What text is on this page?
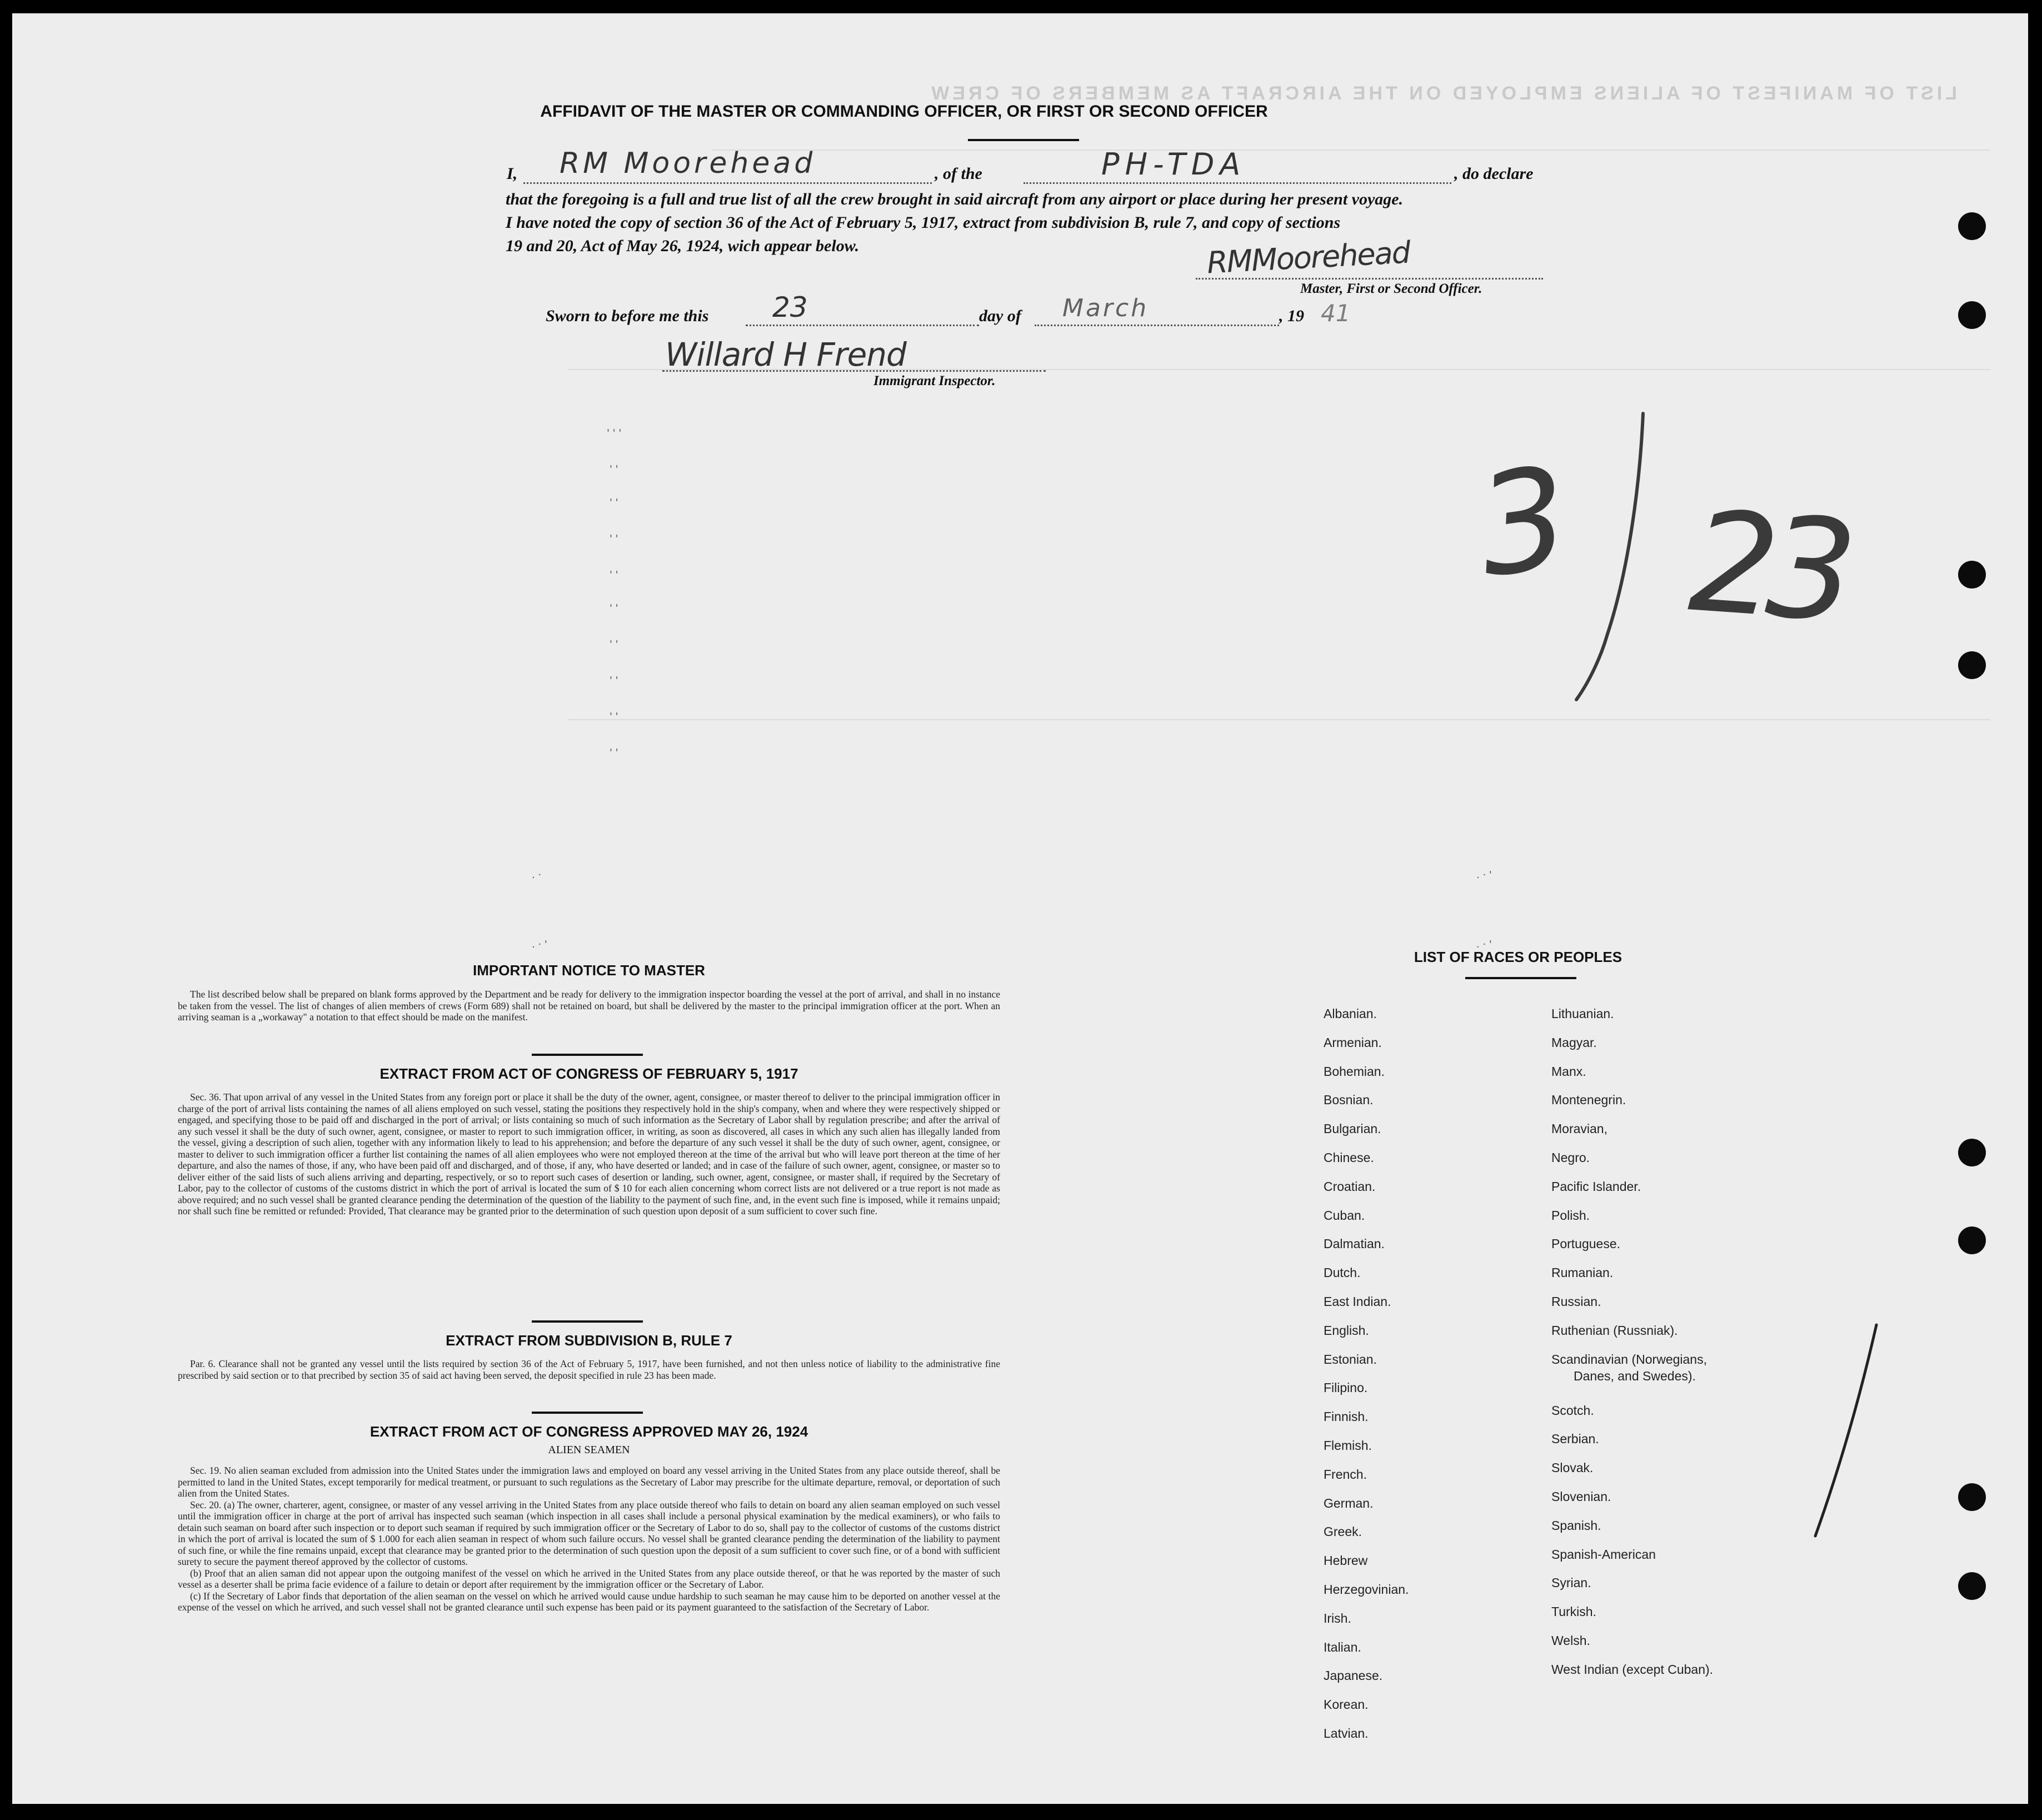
LIST OF MANIFEST OF ALIENS EMPLOYED ON THE AIRCRAFT AS MEMBERS OF CREW
AFFIDAVIT OF THE MASTER OR COMMANDING OFFICER, OR FIRST OR SECOND OFFICER
I, RM Moorehead	, of the	PH-TDA	, do declare
that the foregoing is a full and true list of all the crew brought in said aircraft from any airport or place during her present voyage.
I have noted the copy of section 36 of the Act of February 5, 1917, extract from subdivision B, rule 7, and copy of sections
19 and 20, Act of May 26, 1924, wich appear below.	RMMoorehead
Master, First or Second Officer.
Sworn to before me this 23	day of March	, 19 41
Willard H Frend
Immigrant Inspector.
' ' '
' '
' '
' '
' '
' '
' '
' '
' '
' '
. ·
. · '
. · '
. · '
3 23
IMPORTANT NOTICE TO MASTER

The list described below shall be prepared on blank forms approved by the Department and be ready for delivery to the immigration inspector boarding the vessel at the port of arrival, and shall in no instance be taken from the vessel. The list of changes of alien members of crews (Form 689) shall not be retained on board, but shall be delivered by the master to the principal immigration officer at the port. When an arriving seaman is a „workaway" a notation to that effect should be made on the manifest.

EXTRACT FROM ACT OF CONGRESS OF FEBRUARY 5, 1917

Sec. 36. That upon arrival of any vessel in the United States from any foreign port or place it shall be the duty of the owner, agent, consignee, or master thereof to deliver to the principal immigration officer in charge of the port of arrival lists containing the names of all aliens employed on such vessel, stating the positions they respectively hold in the ship's company, when and where they were respectively shipped or engaged, and specifying those to be paid off and discharged in the port of arrival; or lists containing so much of such information as the Secretary of Labor shall by regulation prescribe; and after the arrival of any such vessel it shall be the duty of such owner, agent, consignee, or master to report to such immigration officer, in writing, as soon as discovered, all cases in which any such alien has illegally landed from the vessel, giving a description of such alien, together with any information likely to lead to his apprehension; and before the departure of any such vessel it shall be the duty of such owner, agent, consignee, or master to deliver to such immigration officer a further list containing the names of all alien employees who were not employed thereon at the time of the arrival but who will leave port thereon at the time of her departure, and also the names of those, if any, who have been paid off and discharged, and of those, if any, who have deserted or landed; and in case of the failure of such owner, agent, consignee, or master so to deliver either of the said lists of such aliens arriving and departing, respectively, or so to report such cases of desertion or landing, such owner, agent, consignee, or master shall, if required by the Secretary of Labor, pay to the collector of customs of the customs district in which the port of arrival is located the sum of $ 10 for each alien concerning whom correct lists are not delivered or a true report is not made as above required; and no such vessel shall be granted clearance pending the determination of the question of the liability to the payment of such fine, and, in the event such fine is imposed, while it remains unpaid; nor shall such fine be remitted or refunded: Provided, That clearance may be granted prior to the determination of such question upon deposit of a sum sufficient to cover such fine.

EXTRACT FROM SUBDIVISION B, RULE 7

Par. 6. Clearance shall not be granted any vessel until the lists required by section 36 of the Act of February 5, 1917, have been furnished, and not then unless notice of liability to the administrative fine prescribed by said section or to that precribed by section 35 of said act having been served, the deposit specified in rule 23 has been made.

EXTRACT FROM ACT OF CONGRESS APPROVED MAY 26, 1924
ALIEN SEAMEN

Sec. 19. No alien seaman excluded from admission into the United States under the immigration laws and employed on board any vessel arriving in the United States from any place outside thereof, shall be permitted to land in the United States, except temporarily for medical treatment, or pursuant to such regulations as the Secretary of Labor may prescribe for the ultimate departure, removal, or deportation of such alien from the United States.

Sec. 20. (a) The owner, charterer, agent, consignee, or master of any vessel arriving in the United States from any place outside thereof who fails to detain on board any alien seaman employed on such vessel until the immigration officer in charge at the port of arrival has inspected such seaman (which inspection in all cases shall include a personal physical examination by the medical examiners), or who fails to detain such seaman on board after such inspection or to deport such seaman if required by such immigration officer or the Secretary of Labor to do so, shall pay to the collector of customs of the customs district in which the port of arrival is located the sum of $ 1.000 for each alien seaman in respect of whom such failure occurs. No vessel shall be granted clearance pending the determination of the liability to payment of such fine, or while the fine remains unpaid, except that clearance may be granted prior to the determination of such question upon the deposit of a sum sufficient to cover such fine, or of a bond with sufficient surety to secure the payment thereof approved by the collector of customs.

(b) Proof that an alien saman did not appear upon the outgoing manifest of the vessel on which he arrived in the United States from any place outside thereof, or that he was reported by the master of such vessel as a deserter shall be prima facie evidence of a failure to detain or deport after requirement by the immigration officer or the Secretary of Labor.

(c) If the Secretary of Labor finds that deportation of the alien seaman on the vessel on which he arrived would cause undue hardship to such seaman he may cause him to be deported on another vessel at the expense of the vessel on which he arrived, and such vessel shall not be granted clearance until such expense has been paid or its payment guaranteed to the satisfaction of the Secretary of Labor.

LIST OF RACES OR PEOPLES
Albanian.
Armenian.
Bohemian.
Bosnian.
Bulgarian.
Chinese.
Croatian.
Cuban.
Dalmatian.
Dutch.
East Indian.
English.
Estonian.
Filipino.
Finnish.
Flemish.
French.
German.
Greek.
Hebrew
Herzegovinian.
Irish.
Italian.
Japanese.
Korean.
Latvian.
Lithuanian.
Magyar.
Manx.
Montenegrin.
Moravian,
Negro.
Pacific Islander.
Polish.
Portuguese.
Rumanian.
Russian.
Ruthenian (Russniak).
Scandinavian (Norwegians,
Danes, and Swedes).
Scotch.
Serbian.
Slovak.
Slovenian.
Spanish.
Spanish-American
Syrian.
Turkish.
Welsh.
West Indian (except Cuban).
